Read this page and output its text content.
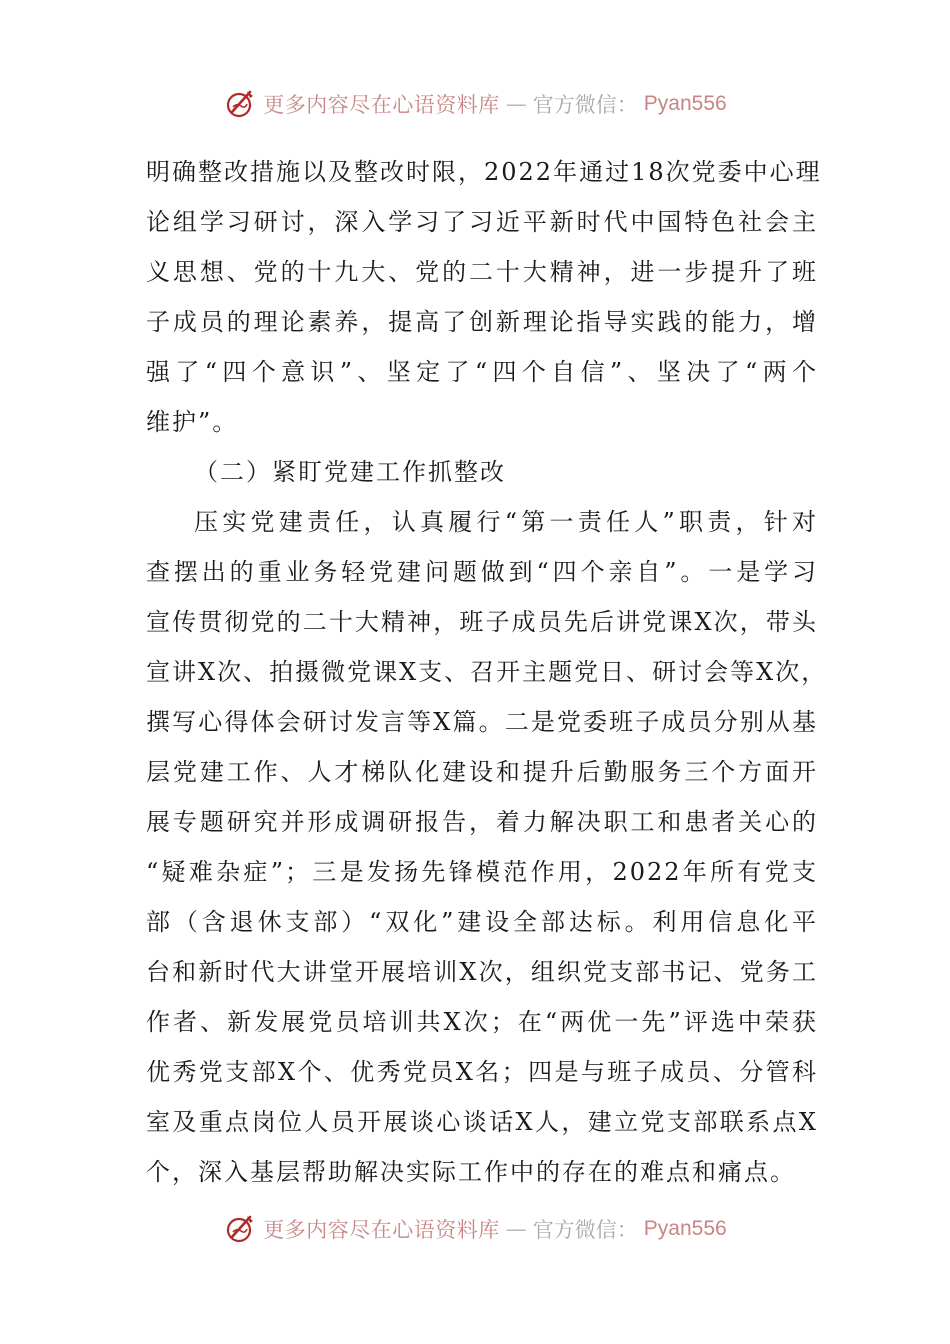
更多内容尽在心语资料库 — 官方微信： Pyan556
明确整改措施以及整改时限，2022年通过18次党委中心理
论组学习研讨，深入学习了习近平新时代中国特色社会主
义思想、党的十九大、党的二十大精神，进一步提升了班
子成员的理论素养，提高了创新理论指导实践的能力，增
强了“四个意识”、坚定了“四个自信”、坚决了“两个
维护”。
（二）紧盯党建工作抓整改
压实党建责任，认真履行“第一责任人”职责，针对
查摆出的重业务轻党建问题做到“四个亲自”。一是学习
宣传贯彻党的二十大精神，班子成员先后讲党课X次，带头
宣讲X次、拍摄微党课X支、召开主题党日、研讨会等X次，
撰写心得体会研讨发言等X篇。二是党委班子成员分别从基
层党建工作、人才梯队化建设和提升后勤服务三个方面开
展专题研究并形成调研报告，着力解决职工和患者关心的
“疑难杂症”；三是发扬先锋模范作用，2022年所有党支
部（含退休支部）“双化”建设全部达标。利用信息化平
台和新时代大讲堂开展培训X次，组织党支部书记、党务工
作者、新发展党员培训共X次；在“两优一先”评选中荣获
优秀党支部X个、优秀党员X名；四是与班子成员、分管科
室及重点岗位人员开展谈心谈话X人，建立党支部联系点X
个，深入基层帮助解决实际工作中的存在的难点和痛点。
更多内容尽在心语资料库 — 官方微信： Pyan556
